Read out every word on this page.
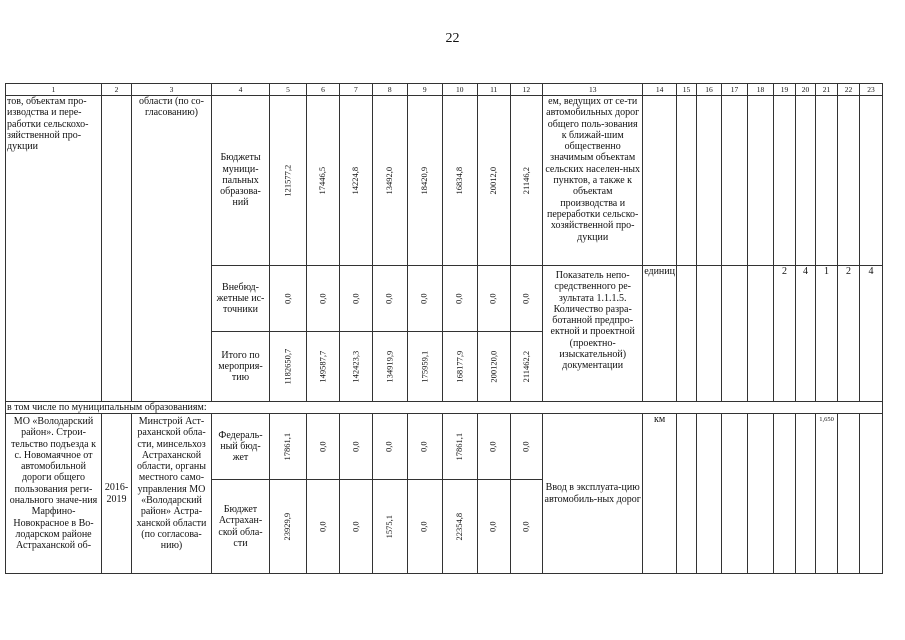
22
1	2	3	4	5	6	7	8	9	10	11	12	13	14	15	16	17	18	19	20	21	22	23
тов, объектам про-изводства и пере-работки сельскохо-зяйственной про-дукции		области (по со-гласованию)	Бюджеты муници-пальных образова-ний	121577,2	17446,5	14224,8	13492,0	18420,9	16834,8	20012,0	21146,2	ем, ведущих от се-ти автомобильных дорог общего поль-зования к ближай-шим общественно значимым объектам сельских населен-ных пунктов, а также к объектам производства и переработки сельско-хозяйственной про-дукции										
			Внебюд-жетные ис-точники	0,0	0,0	0,0	0,0	0,0	0,0	0,0	0,0	Показатель непо-средственного ре-зультата 1.1.1.5. Количество разра-ботанной предпро-ектной и проектной (проектно-изыскательной) документации	единиц					2	4	1	2	4
			Итого по мероприя-тию	1182650,7	149587,7	142423,3	134919,9	175959,1	168177,9	200120,0	211462,2											
в том числе по муниципальным образованиям:																						
МО «Володарский район». Строи-тельство подъезда к с. Новомаячное от автомобильной дороги общего пользования реги-онального значе-ния Марфино-Новокрасное в Во-лодарском районе Астраханской об-	2016-2019	Минстрой Аст-раханской обла-сти, минсельхоз Астраханской области, органы местного само-управления МО «Володарский район» Астра-ханской области (по согласова-нию)	Федераль-ный бюд-жет	17861,1	0,0	0,0	0,0	0,0	17861,1	0,0	0,0	Ввод в эксплуата-цию автомобиль-ных дорог	км							1,650		
			Бюджет Астрахан-ской обла-сти	23929,9	0,0	0,0	1575,1	0,0	22354,8	0,0	0,0											
